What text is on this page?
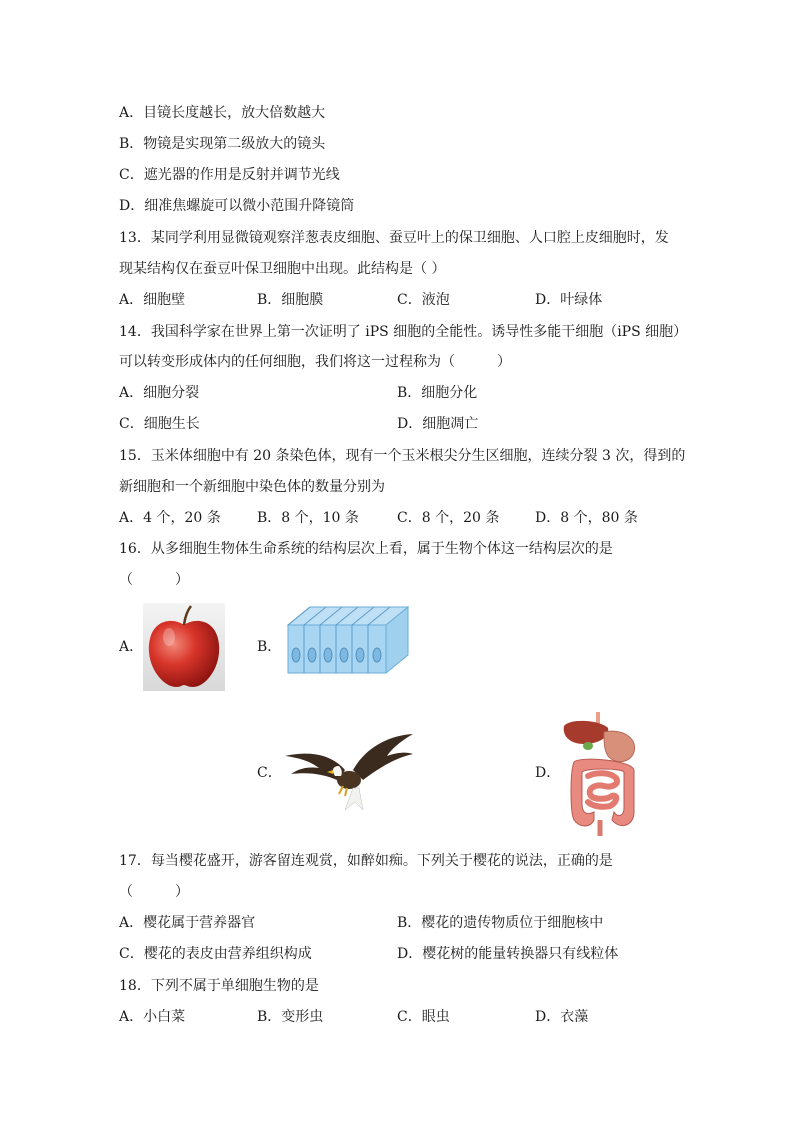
A．目镜长度越长，放大倍数越大
B．物镜是实现第二级放大的镜头
C．遮光器的作用是反射并调节光线
D．细准焦螺旋可以微小范围升降镜筒
13．某同学利用显微镜观察洋葱表皮细胞、蚕豆叶上的保卫细胞、人口腔上皮细胞时，发
现某结构仅在蚕豆叶保卫细胞中出现。此结构是（ ）
A．细胞壁	B．细胞膜	C．液泡	D．叶绿体
14．我国科学家在世界上第一次证明了 iPS 细胞的全能性。诱导性多能干细胞（iPS 细胞）
可以转变形成体内的任何细胞，我们将这一过程称为（　　　）
A．细胞分裂	B．细胞分化
C．细胞生长	D．细胞凋亡
15．玉米体细胞中有 20 条染色体，现有一个玉米根尖分生区细胞，连续分裂 3 次，得到的
新细胞和一个新细胞中染色体的数量分别为
A．4 个，20 条	B．8 个，10 条	C．8 个，20 条	D．8 个，80 条
16．从多细胞生物体生命系统的结构层次上看，属于生物个体这一结构层次的是
（　　　）
A．	B．
C．	D．
17．每当樱花盛开，游客留连观赏，如醉如痴。下列关于樱花的说法，正确的是
（　　　）
A．樱花属于营养器官	B．樱花的遗传物质位于细胞核中
C．樱花的表皮由营养组织构成	D．樱花树的能量转换器只有线粒体
18．下列不属于单细胞生物的是
A．小白菜	B．变形虫	C．眼虫	D．衣藻
